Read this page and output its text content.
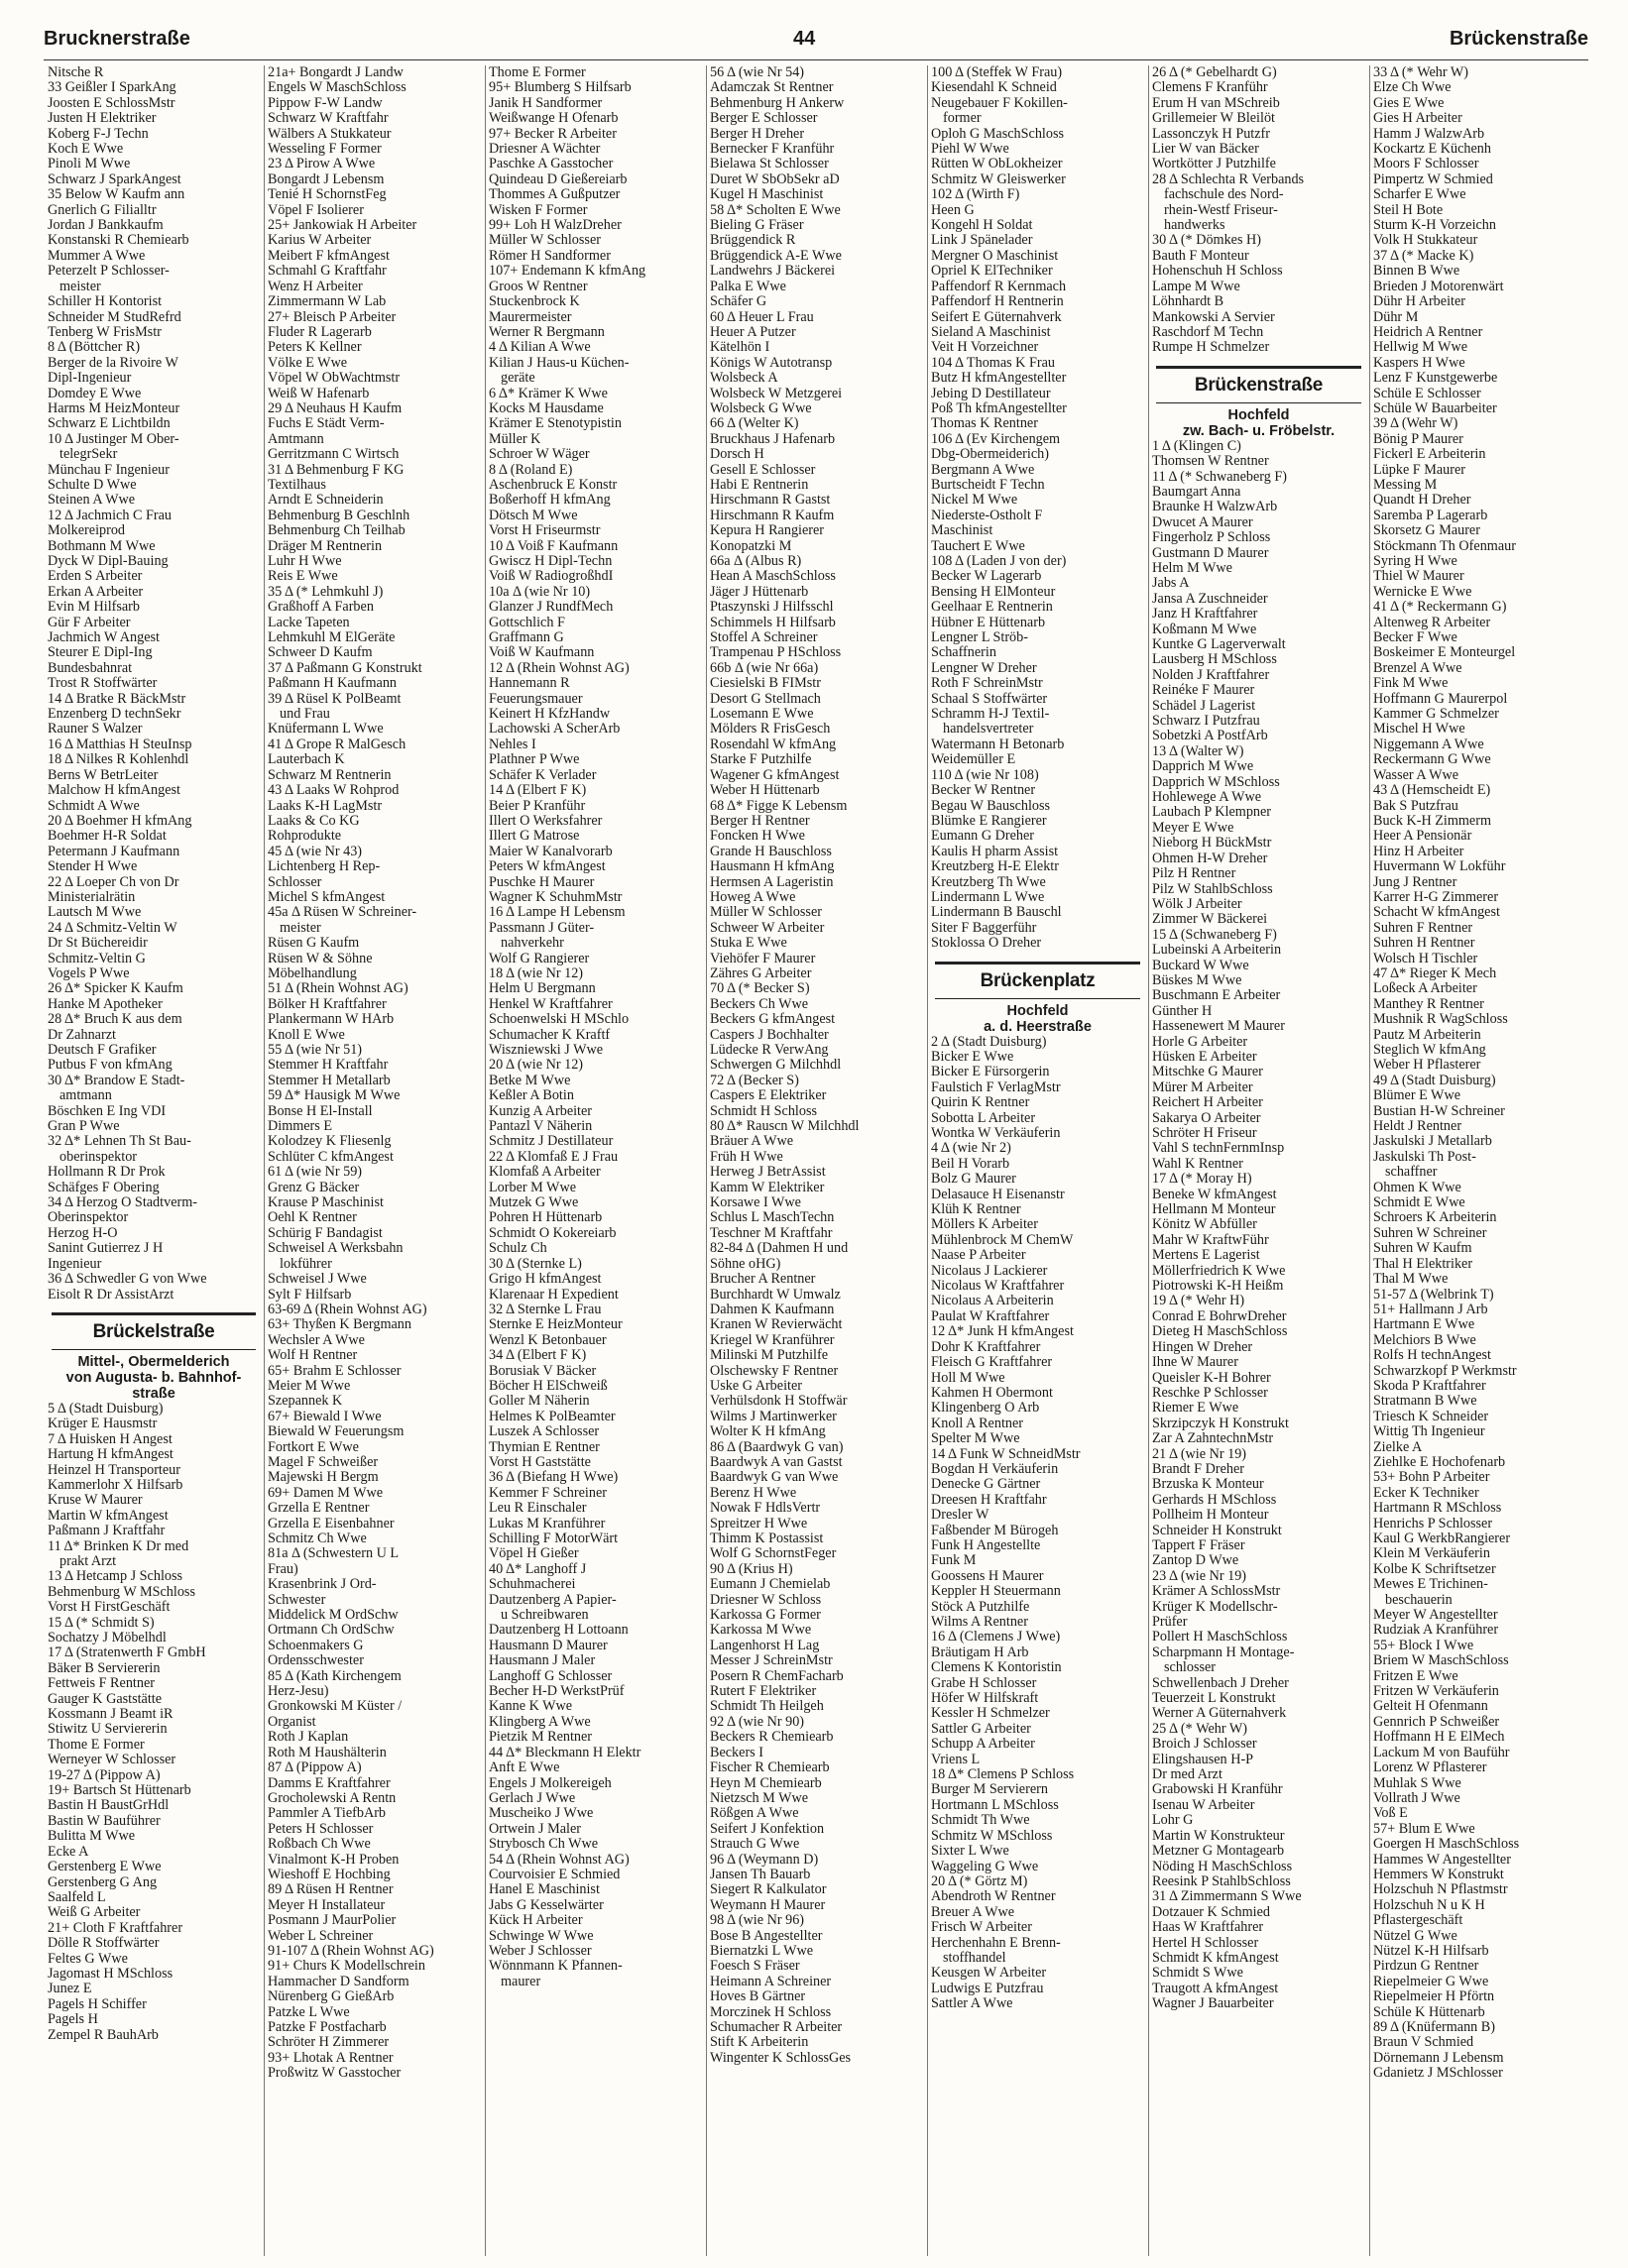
Brucknerstraße	44	Brückenstraße
Nitsche R
33 Geißler I SparkAng
Joosten E SchlossMstr
Justen H Elektriker
Koberg F-J Techn
Koch E Wwe
Pinoli M Wwe
Schwarz J SparkAngest
35 Below W Kaufm ann
Gnerlich G Filialltr
Jordan J Bankkaufm
Konstanski R Chemiearb
Mummer A Wwe
Peterzelt P Schlosser-
meister
Schiller H Kontorist
Schneider M StudRefrd
Tenberg W FrisMstr
8 Δ (Böttcher R)
Berger de la Rivoire W
Dipl-Ingenieur
Domdey E Wwe
Harms M HeizMonteur
Schwarz E Lichtbildn
10 Δ Justinger M Ober-
telegrSekr
Münchau F Ingenieur
Schulte D Wwe
Steinen A Wwe
12 Δ Jachmich C Frau
Molkereiprod
Bothmann M Wwe
Dyck W Dipl-Bauing
Erden S Arbeiter
Erkan A Arbeiter
Evin M Hilfsarb
Gür F Arbeiter
Jachmich W Angest
Steurer E Dipl-Ing
Bundesbahnrat
Trost R Stoffwärter
14 Δ Bratke R BäckMstr
Enzenberg D technSekr
Rauner S Walzer
16 Δ Matthias H SteuInsp
18 Δ Nilkes R Kohlenhdl
Berns W BetrLeiter
Malchow H kfmAngest
Schmidt A Wwe
20 Δ Boehmer H kfmAng
Boehmer H-R Soldat
Petermann J Kaufmann
Stender H Wwe
22 Δ Loeper Ch von Dr
Ministerialrätin
Lautsch M Wwe
24 Δ Schmitz-Veltin W
Dr St Büchereidir
Schmitz-Veltin G
Vogels P Wwe
26 Δ* Spicker K Kaufm
Hanke M Apotheker
28 Δ* Bruch K aus dem
Dr Zahnarzt
Deutsch F Grafiker
Putbus F von kfmAng
30 Δ* Brandow E Stadt-
amtmann
Böschken E Ing VDI
Gran P Wwe
32 Δ* Lehnen Th St Bau-
oberinspektor
Hollmann R Dr Prok
Schäfges F Obering
34 Δ Herzog O Stadtverm-
Oberinspektor
Herzog H-O
Sanint Gutierrez J H
Ingenieur
36 Δ Schwedler G von Wwe
Eisolt R Dr AssistArzt
Brückelstraße
Mittel-, Obermelderich
von Augusta- b. Bahnhof-
straße
5 Δ (Stadt Duisburg)
Krüger E Hausmstr
7 Δ Huisken H Angest
Hartung H kfmAngest
Heinzel H Transporteur
Kammerlohr X Hilfsarb
Kruse W Maurer
Martin W kfmAngest
Paßmann J Kraftfahr
11 Δ* Brinken K Dr med
prakt Arzt
13 Δ Hetcamp J Schloss
Behmenburg W MSchloss
Vorst H FirstGeschäft
15 Δ (* Schmidt S)
Sochatzy J Möbelhdl
17 Δ (Stratenwerth F GmbH
Bäker B Serviererin
Fettweis F Rentner
Gauger K Gaststätte
Kossmann J Beamt iR
Stiwitz U Serviererin
Thome E Former
Werneyer W Schlosser
19-27 Δ (Pippow A)
19+ Bartsch St Hüttenarb
Bastin H BaustGrHdl
Bastin W Bauführer
Bulitta M Wwe
Ecke A
Gerstenberg E Wwe
Gerstenberg G Ang
Saalfeld L
Weiß G Arbeiter
21+ Cloth F Kraftfahrer
Dölle R Stoffwärter
Feltes G Wwe
Jagomast H MSchloss
Junez E
Pagels H Schiffer
Pagels H
Zempel R BauhArb
21a+ Bongardt J Landw
Engels W MaschSchloss
Pippow F-W Landw
Schwarz W Kraftfahr
Wälbers A Stukkateur
Wesseling F Former
23 Δ Pirow A Wwe
Bongardt J Lebensm
Tenié H SchornstFeg
Vöpel F Isolierer
25+ Jankowiak H Arbeiter
Karius W Arbeiter
Meibert F kfmAngest
Schmahl G Kraftfahr
Wenz H Arbeiter
Zimmermann W Lab
27+ Bleisch P Arbeiter
Fluder R Lagerarb
Peters K Kellner
Völke E Wwe
Vöpel W ObWachtmstr
Weiß W Hafenarb
29 Δ Neuhaus H Kaufm
Fuchs E Städt Verm-
Amtmann
Gerritzmann C Wirtsch
31 Δ Behmenburg F KG
Textilhaus
Arndt E Schneiderin
Behmenburg B Geschlnh
Behmenburg Ch Teilhab
Dräger M Rentnerin
Luhr H Wwe
Reis E Wwe
35 Δ (* Lehmkuhl J)
Graßhoff A Farben
Lacke Tapeten
Lehmkuhl M ElGeräte
Schweer D Kaufm
37 Δ Paßmann G Konstrukt
Paßmann H Kaufmann
39 Δ Rüsel K PolBeamt
und Frau
Knüfermann L Wwe
41 Δ Grope R MalGesch
Lauterbach K
Schwarz M Rentnerin
43 Δ Laaks W Rohprod
Laaks K-H LagMstr
Laaks & Co KG
Rohprodukte
45 Δ (wie Nr 43)
Lichtenberg H Rep-
Schlosser
Michel S kfmAngest
45a Δ Rüsen W Schreiner-
meister
Rüsen G Kaufm
Rüsen W & Söhne
Möbelhandlung
51 Δ (Rhein Wohnst AG)
Bölker H Kraftfahrer
Plankermann W HArb
Knoll E Wwe
55 Δ (wie Nr 51)
Stemmer H Kraftfahr
Stemmer H Metallarb
59 Δ* Hausigk M Wwe
Bonse H El-Install
Dimmers E
Kolodzey K Fliesenlg
Schlüter C kfmAngest
61 Δ (wie Nr 59)
Grenz G Bäcker
Krause P Maschinist
Oehl K Rentner
Schürig F Bandagist
Schweisel A Werksbahn
lokführer
Schweisel J Wwe
Sylt F Hilfsarb
63-69 Δ (Rhein Wohnst AG)
63+ Thyßen K Bergmann
Wechsler A Wwe
Wolf H Rentner
65+ Brahm E Schlosser
Meier M Wwe
Szepannek K
67+ Biewald I Wwe
Biewald W Feuerungsm
Fortkort E Wwe
Magel F Schweißer
Majewski H Bergm
69+ Damen M Wwe
Grzella E Rentner
Grzella E Eisenbahner
Schmitz Ch Wwe
81a Δ (Schwestern U L
Frau)
Krasenbrink J Ord-
Schwester
Middelick M OrdSchw
Ortmann Ch OrdSchw
Schoenmakers G
Ordensschwester
85 Δ (Kath Kirchengem
Herz-Jesu)
Gronkowski M Küster /
Organist
Roth J Kaplan
Roth M Haushälterin
87 Δ (Pippow A)
Damms E Kraftfahrer
Grocholewski A Rentn
Pammler A TiefbArb
Peters H Schlosser
Roßbach Ch Wwe
Vinalmont K-H Proben
Wieshoff E Hochbing
89 Δ Rüsen H Rentner
Meyer H Installateur
Posmann J MaurPolier
Weber L Schreiner
91-107 Δ (Rhein Wohnst AG)
91+ Churs K Modellschrein
Hammacher D Sandform
Nürenberg G GießArb
Patzke L Wwe
Patzke F Postfacharb
Schröter H Zimmerer
93+ Lhotak A Rentner
Proßwitz W Gasstocher
Thome E Former
95+ Blumberg S Hilfsarb
Janik H Sandformer
Weißwange H Ofenarb
97+ Becker R Arbeiter
Driesner A Wächter
Paschke A Gasstocher
Quindeau D Gießereiarb
Thommes A Gußputzer
Wisken F Former
99+ Loh H WalzDreher
Müller W Schlosser
Römer H Sandformer
107+ Endemann K kfmAng
Groos W Rentner
Stuckenbrock K
Maurermeister
Werner R Bergmann
4 Δ Kilian A Wwe
Kilian J Haus-u Küchen-
geräte
6 Δ* Krämer K Wwe
Kocks M Hausdame
Krämer E Stenotypistin
Müller K
Schroer W Wäger
8 Δ (Roland E)
Aschenbruck E Konstr
Boßerhoff H kfmAng
Dötsch M Wwe
Vorst H Friseurmstr
10 Δ Voiß F Kaufmann
Gwiscz H Dipl-Techn
Voiß W RadiogroßhdI
10a Δ (wie Nr 10)
Glanzer J RundfMech
Gottschlich F
Graffmann G
Voiß W Kaufmann
12 Δ (Rhein Wohnst AG)
Hannemann R
Feuerungsmauer
Keinert H KfzHandw
Lachowski A ScherArb
Nehles I
Plathner P Wwe
Schäfer K Verlader
14 Δ (Elbert F K)
Beier P Kranführ
Illert O Werksfahrer
Illert G Matrose
Maier W Kanalvorarb
Peters W kfmAngest
Puschke H Maurer
Wagner K SchuhmMstr
16 Δ Lampe H Lebensm
Passmann J Güter-
nahverkehr
Wolf G Rangierer
18 Δ (wie Nr 12)
Helm U Bergmann
Henkel W Kraftfahrer
Schoenwelski H MSchlo
Schumacher K Kraftf
Wiszniewski J Wwe
20 Δ (wie Nr 12)
Betke M Wwe
Keßler A Botin
Kunzig A Arbeiter
Pantazl V Näherin
Schmitz J Destillateur
22 Δ Klomfaß E J Frau
Klomfaß A Arbeiter
Lorber M Wwe
Mutzek G Wwe
Pohren H Hüttenarb
Schmidt O Kokereiarb
Schulz Ch
30 Δ (Sternke L)
Grigo H kfmAngest
Klarenaar H Expedient
32 Δ Sternke L Frau
Sternke E HeizMonteur
Wenzl K Betonbauer
34 Δ (Elbert F K)
Borusiak V Bäcker
Böcher H ElSchweiß
Goller M Näherin
Helmes K PolBeamter
Luszek A Schlosser
Thymian E Rentner
Vorst H Gaststätte
36 Δ (Biefang H Wwe)
Kemmer F Schreiner
Leu R Einschaler
Lukas M Kranführer
Schilling F MotorWärt
Vöpel H Gießer
40 Δ* Langhoff J
Schuhmacherei
Dautzenberg A Papier-
u Schreibwaren
Dautzenberg H Lottoann
Hausmann D Maurer
Hausmann J Maler
Langhoff G Schlosser
Becher H-D WerkstPrüf
Kanne K Wwe
Klingberg A Wwe
Pietzik M Rentner
44 Δ* Bleckmann H Elektr
Anft E Wwe
Engels J Molkereigeh
Gerlach J Wwe
Muscheiko J Wwe
Ortwein J Maler
Strybosch Ch Wwe
54 Δ (Rhein Wohnst AG)
Courvoisier E Schmied
Hanel E Maschinist
Jabs G Kesselwärter
Kück H Arbeiter
Schwinge W Wwe
Weber J Schlosser
Wönnmann K Pfannen-
maurer
56 Δ (wie Nr 54)
Adamczak St Rentner
Behmenburg H Ankerw
Berger E Schlosser
Berger H Dreher
Bernecker F Kranführ
Bielawa St Schlosser
Duret W SbObSekr aD
Kugel H Maschinist
58 Δ* Scholten E Wwe
Bieling G Fräser
Brüggendick R
Brüggendick A-E Wwe
Landwehrs J Bäckerei
Palka E Wwe
Schäfer G
60 Δ Heuer L Frau
Heuer A Putzer
Kätelhön I
Königs W Autotransp
Wolsbeck A
Wolsbeck W Metzgerei
Wolsbeck G Wwe
66 Δ (Welter K)
Bruckhaus J Hafenarb
Dorsch H
Gesell E Schlosser
Habi E Rentnerin
Hirschmann R Gastst
Hirschmann R Kaufm
Kepura H Rangierer
Konopatzki M
66a Δ (Albus R)
Hean A MaschSchloss
Jäger J Hüttenarb
Ptaszynski J Hilfsschl
Schimmels H Hilfsarb
Stoffel A Schreiner
Trampenau P HSchloss
66b Δ (wie Nr 66a)
Ciesielski B FIMstr
Desort G Stellmach
Losemann E Wwe
Mölders R FrisGesch
Rosendahl W kfmAng
Starke F Putzhilfe
Wagener G kfmAngest
Weber H Hüttenarb
68 Δ* Figge K Lebensm
Berger H Rentner
Foncken H Wwe
Grande H Bauschloss
Hausmann H kfmAng
Hermsen A Lageristin
Howeg A Wwe
Müller W Schlosser
Schweer W Arbeiter
Stuka E Wwe
Viehöfer F Maurer
Zähres G Arbeiter
70 Δ (* Becker S)
Beckers Ch Wwe
Beckers G kfmAngest
Caspers J Bochhalter
Lüdecke R VerwAng
Schwergen G Milchhdl
72 Δ (Becker S)
Caspers E Elektriker
Schmidt H Schloss
80 Δ* Rauscn W Milchhdl
Bräuer A Wwe
Früh H Wwe
Herweg J BetrAssist
Kamm W Elektriker
Korsawe I Wwe
Schlus L MaschTechn
Teschner M Kraftfahr
82-84 Δ (Dahmen H und
Söhne oHG)
Brucher A Rentner
Burchhardt W Umwalz
Dahmen K Kaufmann
Kranen W Revierwächt
Kriegel W Kranführer
Milinski M Putzhilfe
Olschewsky F Rentner
Uske G Arbeiter
Verhülsdonk H Stoffwär
Wilms J Martinwerker
Wolter K H kfmAng
86 Δ (Baardwyk G van)
Baardwyk A van Gastst
Baardwyk G van Wwe
Berenz H Wwe
Nowak F HdlsVertr
Spreitzer H Wwe
Thimm K Postassist
Wolf G SchornstFeger
90 Δ (Krius H)
Eumann J Chemielab
Driesner W Schloss
Karkossa G Former
Karkossa M Wwe
Langenhorst H Lag
Messer J SchreinMstr
Posern R ChemFacharb
Rutert F Elektriker
Schmidt Th Heilgeh
92 Δ (wie Nr 90)
Beckers R Chemiearb
Beckers I
Fischer R Chemiearb
Heyn M Chemiearb
Nietzsch M Wwe
Rößgen A Wwe
Seifert J Konfektion
Strauch G Wwe
96 Δ (Weymann D)
Jansen Th Bauarb
Siegert R Kalkulator
Weymann H Maurer
98 Δ (wie Nr 96)
Bose B Angestellter
Biernatzki L Wwe
Foesch S Fräser
Heimann A Schreiner
Hoves B Gärtner
Morczinek H Schloss
Schumacher R Arbeiter
Stift K Arbeiterin
Wingenter K SchlossGes
100 Δ (Steffek W Frau)
Kiesendahl K Schneid
Neugebauer F Kokillen-
former
Oploh G MaschSchloss
Piehl W Wwe
Rütten W ObLokheizer
Schmitz W Gleiswerker
102 Δ (Wirth F)
Heen G
Kongehl H Soldat
Link J Spänelader
Mergner O Maschinist
Opriel K ElTechniker
Paffendorf R Kernmach
Paffendorf H Rentnerin
Seifert E Güternahverk
Sieland A Maschinist
Veit H Vorzeichner
104 Δ Thomas K Frau
Butz H kfmAngestellter
Jebing D Destillateur
Poß Th kfmAngestellter
Thomas K Rentner
106 Δ (Ev Kirchengem
Dbg-Obermeiderich)
Bergmann A Wwe
Burtscheidt F Techn
Nickel M Wwe
Niederste-Ostholt F
Maschinist
Tauchert E Wwe
108 Δ (Laden J von der)
Becker W Lagerarb
Bensing H ElMonteur
Geelhaar E Rentnerin
Hübner E Hüttenarb
Lengner L Ströb-
Schaffnerin
Lengner W Dreher
Roth F SchreinMstr
Schaal S Stoffwärter
Schramm H-J Textil-
handelsvertreter
Watermann H Betonarb
Weidemüller E
110 Δ (wie Nr 108)
Becker W Rentner
Begau W Bauschloss
Blümke E Rangierer
Eumann G Dreher
Kaulis H pharm Assist
Kreutzberg H-E Elektr
Kreutzberg Th Wwe
Lindermann L Wwe
Lindermann B Bauschl
Siter F Baggerführ
Stoklossa O Dreher
Brückenplatz
Hochfeld
a. d. Heerstraße
2 Δ (Stadt Duisburg)
Bicker E Wwe
Bicker E Fürsorgerin
Faulstich F VerlagMstr
Quirin K Rentner
Sobotta L Arbeiter
Wontka W Verkäuferin
4 Δ (wie Nr 2)
Beil H Vorarb
Bolz G Maurer
Delasauce H Eisenanstr
Klüh K Rentner
Möllers K Arbeiter
Mühlenbrock M ChemW
Naase P Arbeiter
Nicolaus J Lackierer
Nicolaus W Kraftfahrer
Nicolaus A Arbeiterin
Paulat W Kraftfahrer
12 Δ* Junk H kfmAngest
Dohr K Kraftfahrer
Fleisch G Kraftfahrer
Holl M Wwe
Kahmen H Obermont
Klingenberg O Arb
Knoll A Rentner
Spelter M Wwe
14 Δ Funk W SchneidMstr
Bogdan H Verkäuferin
Denecke G Gärtner
Dreesen H Kraftfahr
Dresler W
Faßbender M Bürogeh
Funk H Angestellte
Funk M
Goossens H Maurer
Keppler H Steuermann
Stöck A Putzhilfe
Wilms A Rentner
16 Δ (Clemens J Wwe)
Bräutigam H Arb
Clemens K Kontoristin
Grabe H Schlosser
Höfer W Hilfskraft
Kessler H Schmelzer
Sattler G Arbeiter
Schupp A Arbeiter
Vriens L
18 Δ* Clemens P Schloss
Burger M Servierern
Hortmann L MSchloss
Schmidt Th Wwe
Schmitz W MSchloss
Sixter L Wwe
Waggeling G Wwe
20 Δ (* Görtz M)
Abendroth W Rentner
Breuer A Wwe
Frisch W Arbeiter
Herchenhahn E Brenn-
stoffhandel
Keusgen W Arbeiter
Ludwigs E Putzfrau
Sattler A Wwe
26 Δ (* Gebelhardt G)
Clemens F Kranführ
Erum H van MSchreib
Grillemeier W Bleilöt
Lassonczyk H Putzfr
Lier W van Bäcker
Wortkötter J Putzhilfe
28 Δ Schlechta R Verbands
fachschule des Nord-
rhein-Westf Friseur-
handwerks
30 Δ (* Dömkes H)
Bauth F Monteur
Hohenschuh H Schloss
Lampe M Wwe
Löhnhardt B
Mankowski A Servier
Raschdorf M Techn
Rumpe H Schmelzer
Brückenstraße
Hochfeld
zw. Bach- u. Fröbelstr.
1 Δ (Klingen C)
Thomsen W Rentner
11 Δ (* Schwaneberg F)
Baumgart Anna
Braunke H WalzwArb
Dwucet A Maurer
Fingerholz P Schloss
Gustmann D Maurer
Helm M Wwe
Jabs A
Jansa A Zuschneider
Janz H Kraftfahrer
Koßmann M Wwe
Kuntke G Lagerverwalt
Lausberg H MSchloss
Nolden J Kraftfahrer
Reinéke F Maurer
Schädel J Lagerist
Schwarz I Putzfrau
Sobetzki A PostfArb
13 Δ (Walter W)
Dapprich M Wwe
Dapprich W MSchloss
Hohlewege A Wwe
Laubach P Klempner
Meyer E Wwe
Nieborg H BückMstr
Ohmen H-W Dreher
Pilz H Rentner
Pilz W StahlbSchloss
Wölk J Arbeiter
Zimmer W Bäckerei
15 Δ (Schwaneberg F)
Lubeinski A Arbeiterin
Buckard W Wwe
Büskes M Wwe
Buschmann E Arbeiter
Günther H
Hassenewert M Maurer
Horle G Arbeiter
Hüsken E Arbeiter
Mitschke G Maurer
Mürer M Arbeiter
Reichert H Arbeiter
Sakarya O Arbeiter
Schröter H Friseur
Vahl S technFernmInsp
Wahl K Rentner
17 Δ (* Moray H)
Beneke W kfmAngest
Hellmann M Monteur
Könitz W Abfüller
Mahr W KraftwFühr
Mertens E Lagerist
Möllerfriedrich K Wwe
Piotrowski K-H Heißm
19 Δ (* Wehr H)
Conrad E BohrwDreher
Dieteg H MaschSchloss
Hingen W Dreher
Ihne W Maurer
Queisler K-H Bohrer
Reschke P Schlosser
Riemer E Wwe
Skrzipczyk H Konstrukt
Zar A ZahntechnMstr
21 Δ (wie Nr 19)
Brandt F Dreher
Brzuska K Monteur
Gerhards H MSchloss
Pollheim H Monteur
Schneider H Konstrukt
Tappert F Fräser
Zantop D Wwe
23 Δ (wie Nr 19)
Krämer A SchlossMstr
Krüger K Modellschr-
Prüfer
Pollert H MaschSchloss
Scharpmann H Montage-
schlosser
Schwellenbach J Dreher
Teuerzeit L Konstrukt
Werner A Güternahverk
25 Δ (* Wehr W)
Broich J Schlosser
Elingshausen H-P
Dr med Arzt
Grabowski H Kranführ
Isenau W Arbeiter
Lohr G
Martin W Konstrukteur
Metzner G Montagearb
Nöding H MaschSchloss
Reesink P StahlbSchloss
31 Δ Zimmermann S Wwe
Dotzauer K Schmied
Haas W Kraftfahrer
Hertel H Schlosser
Schmidt K kfmAngest
Schmidt S Wwe
Traugott A kfmAngest
Wagner J Bauarbeiter
33 Δ (* Wehr W)
Elze Ch Wwe
Gies E Wwe
Gies H Arbeiter
Hamm J WalzwArb
Kockartz E Küchenh
Moors F Schlosser
Pimpertz W Schmied
Scharfer E Wwe
Steil H Bote
Sturm K-H Vorzeichn
Volk H Stukkateur
37 Δ (* Macke K)
Binnen B Wwe
Brieden J Motorenwärt
Dühr H Arbeiter
Dühr M
Heidrich A Rentner
Hellwig M Wwe
Kaspers H Wwe
Lenz F Kunstgewerbe
Schüle E Schlosser
Schüle W Bauarbeiter
39 Δ (Wehr W)
Bönig P Maurer
Fickerl E Arbeiterin
Lüpke F Maurer
Messing M
Quandt H Dreher
Saremba P Lagerarb
Skorsetz G Maurer
Stöckmann Th Ofenmaur
Syring H Wwe
Thiel W Maurer
Wernicke E Wwe
41 Δ (* Reckermann G)
Altenweg R Arbeiter
Becker F Wwe
Boskeimer E Monteurgel
Brenzel A Wwe
Fink M Wwe
Hoffmann G Maurerpol
Kammer G Schmelzer
Mischel H Wwe
Niggemann A Wwe
Reckermann G Wwe
Wasser A Wwe
43 Δ (Hemscheidt E)
Bak S Putzfrau
Buck K-H Zimmerm
Heer A Pensionär
Hinz H Arbeiter
Huvermann W Lokführ
Jung J Rentner
Karrer H-G Zimmerer
Schacht W kfmAngest
Suhren F Rentner
Suhren H Rentner
Wolsch H Tischler
47 Δ* Rieger K Mech
Loßeck A Arbeiter
Manthey R Rentner
Mushnik R WagSchloss
Pautz M Arbeiterin
Steglich W kfmAng
Weber H Pflasterer
49 Δ (Stadt Duisburg)
Blümer E Wwe
Bustian H-W Schreiner
Heldt J Rentner
Jaskulski J Metallarb
Jaskulski Th Post-
schaffner
Ohmen K Wwe
Schmidt E Wwe
Schroers K Arbeiterin
Suhren W Schreiner
Suhren W Kaufm
Thal H Elektriker
Thal M Wwe
51-57 Δ (Welbrink T)
51+ Hallmann J Arb
Hartmann E Wwe
Melchiors B Wwe
Rolfs H technAngest
Schwarzkopf P Werkmstr
Skoda P Kraftfahrer
Stratmann B Wwe
Triesch K Schneider
Wittig Th Ingenieur
Zielke A
Ziehlke E Hochofenarb
53+ Bohn P Arbeiter
Ecker K Techniker
Hartmann R MSchloss
Henrichs P Schlosser
Kaul G WerkbRangierer
Klein M Verkäuferin
Kolbe K Schriftsetzer
Mewes E Trichinen-
beschauerin
Meyer W Angestellter
Rudziak A Kranführer
55+ Block I Wwe
Briem W MaschSchloss
Fritzen E Wwe
Fritzen W Verkäuferin
Gelteit H Ofenmann
Gennrich P Schweißer
Hoffmann H E ElMech
Lackum M von Bauführ
Lorenz W Pflasterer
Muhlak S Wwe
Vollrath J Wwe
Voß E
57+ Blum E Wwe
Goergen H MaschSchloss
Hammes W Angestellter
Hemmers W Konstrukt
Holzschuh N Pflastmstr
Holzschuh N u K H
Pflastergeschäft
Nützel G Wwe
Nützel K-H Hilfsarb
Pirdzun G Rentner
Riepelmeier G Wwe
Riepelmeier H Pförtn
Schüle K Hüttenarb
89 Δ (Knüfermann B)
Braun V Schmied
Dörnemann J Lebensm
Gdanietz J MSchlosser
